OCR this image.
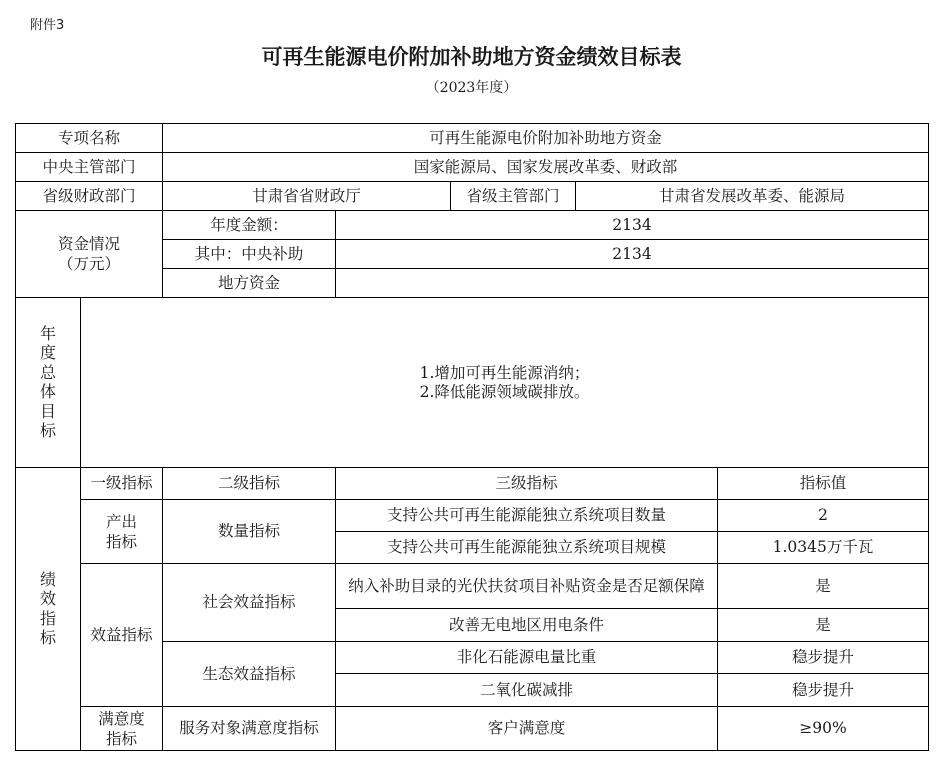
附件3
可再生能源电价附加补助地方资金绩效目标表
（2023年度）
专项名称		可再生能源电价附加补助地方资金				
中央主管部门		国家能源局、国家发展改革委、财政部				
省级财政部门		甘肃省省财政厅		省级主管部门	甘肃省发展改革委、能源局	

资金情况
（万元）		年度金额：	2134			
		其中：中央补助	2134			
		地方资金				
年度总体目标	1.增加可再生能源消纳；
2.降低能源领域碳排放。					

绩效指标	一级指标	二级指标	三级指标			指标值
	产出指标	数量指标	支持公共可再生能源能独立系统项目数量			2
			支持公共可再生能源能独立系统项目规模			1.0345万千瓦
	效益指标	社会效益指标	纳入补助目录的光伏扶贫项目补贴资金是否足额保障			是
			改善无电地区用电条件			是
		生态效益指标	非化石能源电量比重			稳步提升
			二氧化碳减排			稳步提升
	满意度指标	服务对象满意度指标	客户满意度			≥90%
